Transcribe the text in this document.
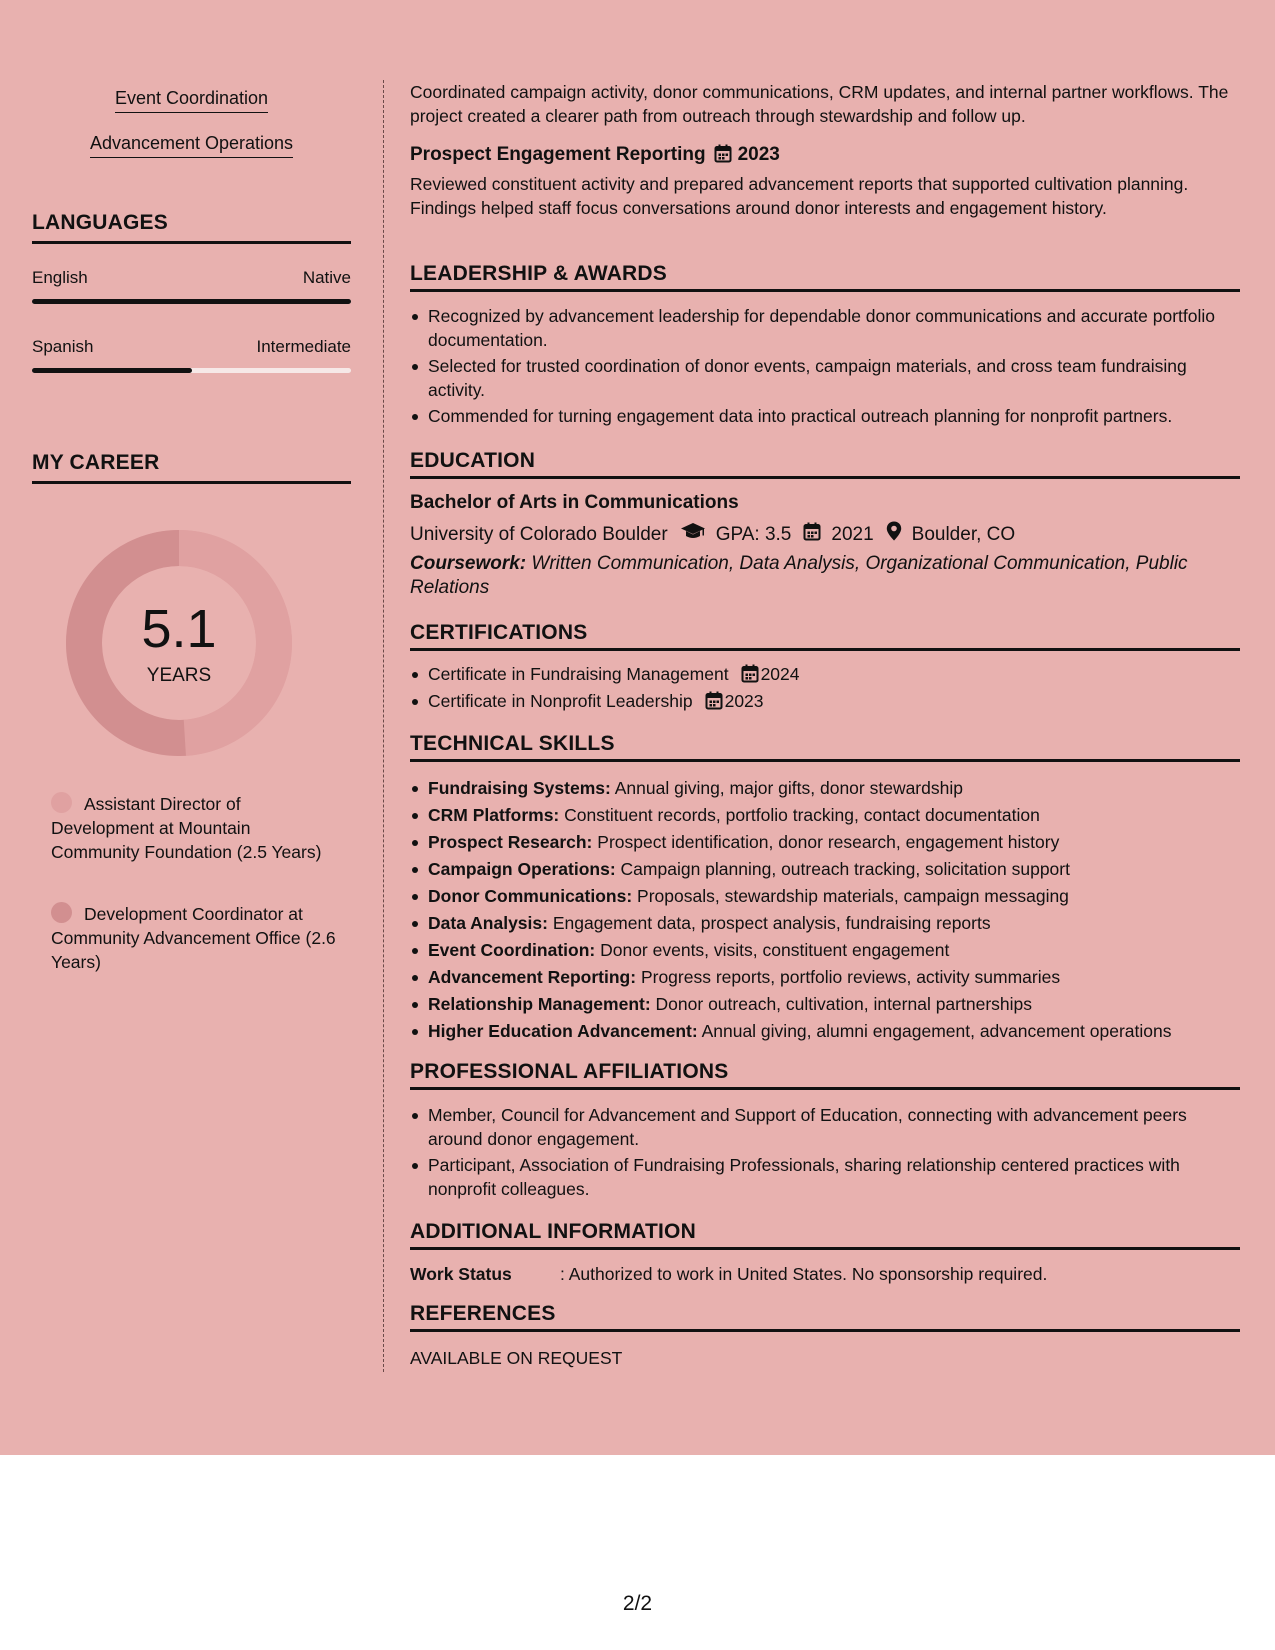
Event Coordination
Advancement Operations
LANGUAGES
English	Native
Spanish	Intermediate
MY CAREER
5.1
YEARS
Assistant Director of Development at Mountain Community Foundation (2.5 Years)
Development Coordinator at Community Advancement Office (2.6 Years)
Coordinated campaign activity, donor communications, CRM updates, and internal partner workflows. The project created a clearer path from outreach through stewardship and follow up.
Prospect Engagement Reporting 2023
Reviewed constituent activity and prepared advancement reports that supported cultivation planning. Findings helped staff focus conversations around donor interests and engagement history.
LEADERSHIP & AWARDS
Recognized by advancement leadership for dependable donor communications and accurate portfolio documentation.
Selected for trusted coordination of donor events, campaign materials, and cross team fundraising activity.
Commended for turning engagement data into practical outreach planning for nonprofit partners.
EDUCATION
Bachelor of Arts in Communications
University of Colorado Boulder	GPA: 3.5 2021 Boulder, CO
Coursework: Written Communication, Data Analysis, Organizational Communication, Public Relations
CERTIFICATIONS
Certificate in Fundraising Management 2024
Certificate in Nonprofit Leadership 2023
TECHNICAL SKILLS
Fundraising Systems: Annual giving, major gifts, donor stewardship
CRM Platforms: Constituent records, portfolio tracking, contact documentation
Prospect Research: Prospect identification, donor research, engagement history
Campaign Operations: Campaign planning, outreach tracking, solicitation support
Donor Communications: Proposals, stewardship materials, campaign messaging
Data Analysis: Engagement data, prospect analysis, fundraising reports
Event Coordination: Donor events, visits, constituent engagement
Advancement Reporting: Progress reports, portfolio reviews, activity summaries
Relationship Management: Donor outreach, cultivation, internal partnerships
Higher Education Advancement: Annual giving, alumni engagement, advancement operations
PROFESSIONAL AFFILIATIONS
Member, Council for Advancement and Support of Education, connecting with advancement peers around donor engagement.
Participant, Association of Fundraising Professionals, sharing relationship centered practices with nonprofit colleagues.
ADDITIONAL INFORMATION
Work Status	: Authorized to work in United States. No sponsorship required.
REFERENCES
AVAILABLE ON REQUEST
2/2
